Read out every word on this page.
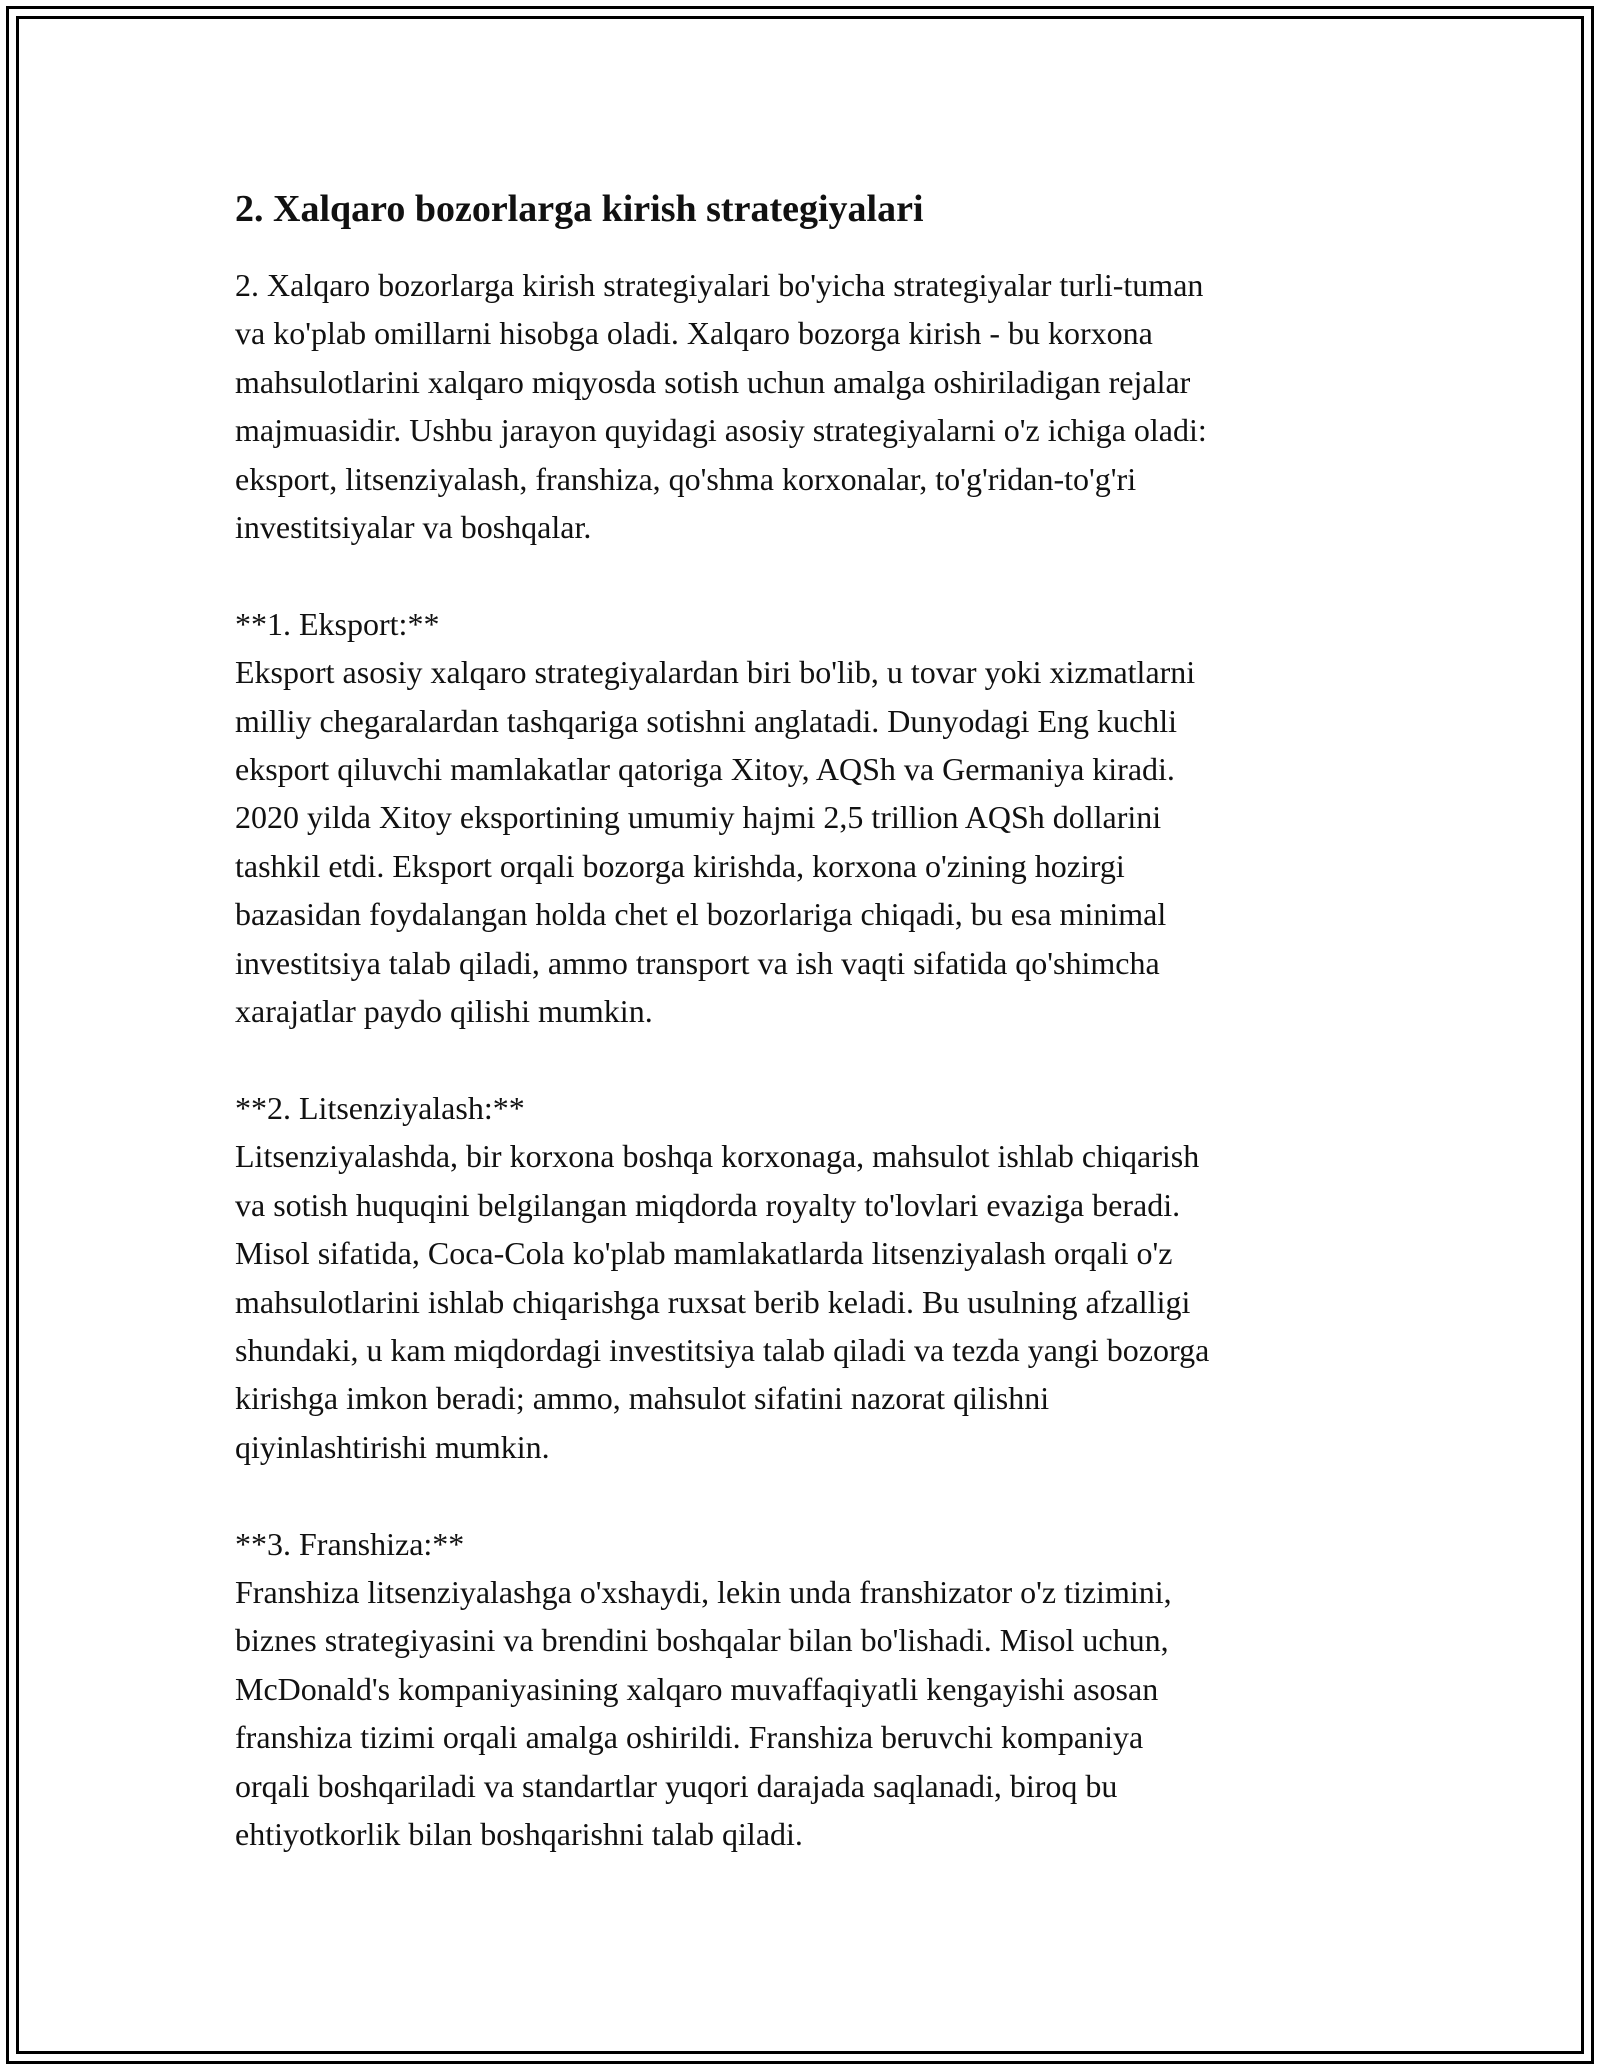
2. Xalqaro bozorlarga kirish strategiyalari

2. Xalqaro bozorlarga kirish strategiyalari bo'yicha strategiyalar turli-tuman
va ko'plab omillarni hisobga oladi. Xalqaro bozorga kirish - bu korxona
mahsulotlarini xalqaro miqyosda sotish uchun amalga oshiriladigan rejalar
majmuasidir. Ushbu jarayon quyidagi asosiy strategiyalarni o'z ichiga oladi:
eksport, litsenziyalash, franshiza, qo'shma korxonalar, to'g'ridan-to'g'ri
investitsiyalar va boshqalar.

**1. Eksport:**

Eksport asosiy xalqaro strategiyalardan biri bo'lib, u tovar yoki xizmatlarni
milliy chegaralardan tashqariga sotishni anglatadi. Dunyodagi Eng kuchli
eksport qiluvchi mamlakatlar qatoriga Xitoy, AQSh va Germaniya kiradi.
2020 yilda Xitoy eksportining umumiy hajmi 2,5 trillion AQSh dollarini
tashkil etdi. Eksport orqali bozorga kirishda, korxona o'zining hozirgi
bazasidan foydalangan holda chet el bozorlariga chiqadi, bu esa minimal
investitsiya talab qiladi, ammo transport va ish vaqti sifatida qo'shimcha
xarajatlar paydo qilishi mumkin.

**2. Litsenziyalash:**

Litsenziyalashda, bir korxona boshqa korxonaga, mahsulot ishlab chiqarish
va sotish huquqini belgilangan miqdorda royalty to'lovlari evaziga beradi.
Misol sifatida, Coca-Cola ko'plab mamlakatlarda litsenziyalash orqali o'z
mahsulotlarini ishlab chiqarishga ruxsat berib keladi. Bu usulning afzalligi
shundaki, u kam miqdordagi investitsiya talab qiladi va tezda yangi bozorga
kirishga imkon beradi; ammo, mahsulot sifatini nazorat qilishni
qiyinlashtirishi mumkin.

**3. Franshiza:**

Franshiza litsenziyalashga o'xshaydi, lekin unda franshizator o'z tizimini,
biznes strategiyasini va brendini boshqalar bilan bo'lishadi. Misol uchun,
McDonald's kompaniyasining xalqaro muvaffaqiyatli kengayishi asosan
franshiza tizimi orqali amalga oshirildi. Franshiza beruvchi kompaniya
orqali boshqariladi va standartlar yuqori darajada saqlanadi, biroq bu
ehtiyotkorlik bilan boshqarishni talab qiladi.
